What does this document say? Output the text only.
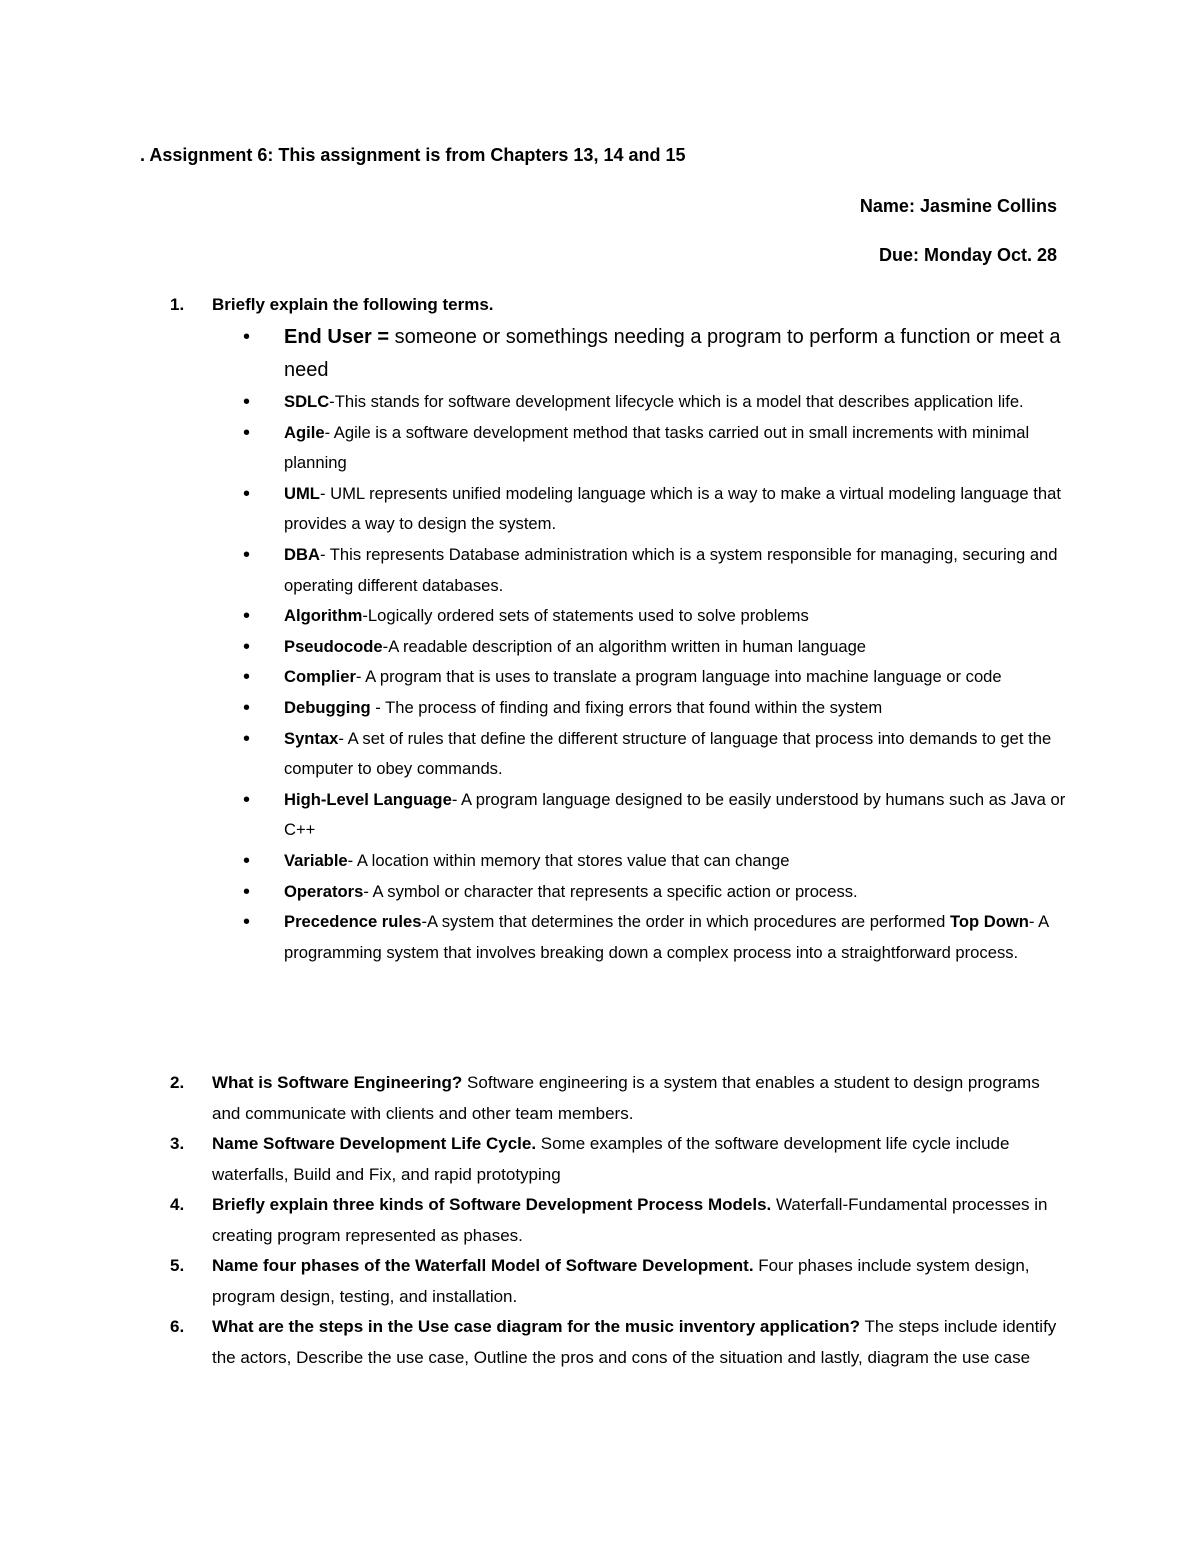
. Assignment 6: This assignment is from Chapters 13, 14 and 15
Name: Jasmine Collins
Due: Monday Oct. 28
1.	Briefly explain the following terms.
• End User = someone or somethings needing a program to perform a function or meet a need
• SDLC-This stands for software development lifecycle which is a model that describes application life.
• Agile- Agile is a software development method that tasks carried out in small increments with minimal planning
• UML- UML represents unified modeling language which is a way to make a virtual modeling language that provides a way to design the system.
• DBA- This represents Database administration which is a system responsible for managing, securing and operating different databases.
• Algorithm-Logically ordered sets of statements used to solve problems
• Pseudocode-A readable description of an algorithm written in human language
• Complier- A program that is uses to translate a program language into machine language or code
• Debugging - The process of finding and fixing errors that found within the system
• Syntax- A set of rules that define the different structure of language that process into demands to get the computer to obey commands.
• High-Level Language- A program language designed to be easily understood by humans such as Java or C++
• Variable- A location within memory that stores value that can change
• Operators- A symbol or character that represents a specific action or process.
• Precedence rules-A system that determines the order in which procedures are performed Top Down- A programming system that involves breaking down a complex process into a straightforward process.
2.	What is Software Engineering? Software engineering is a system that enables a student to design programs and communicate with clients and other team members.
3.	Name Software Development Life Cycle. Some examples of the software development life cycle include waterfalls, Build and Fix, and rapid prototyping
4.	Briefly explain three kinds of Software Development Process Models. Waterfall-Fundamental processes in creating program represented as phases.
5.	Name four phases of the Waterfall Model of Software Development. Four phases include system design, program design, testing, and installation.
6.	What are the steps in the Use case diagram for the music inventory application? The steps include identify the actors, Describe the use case, Outline the pros and cons of the situation and lastly, diagram the use case
